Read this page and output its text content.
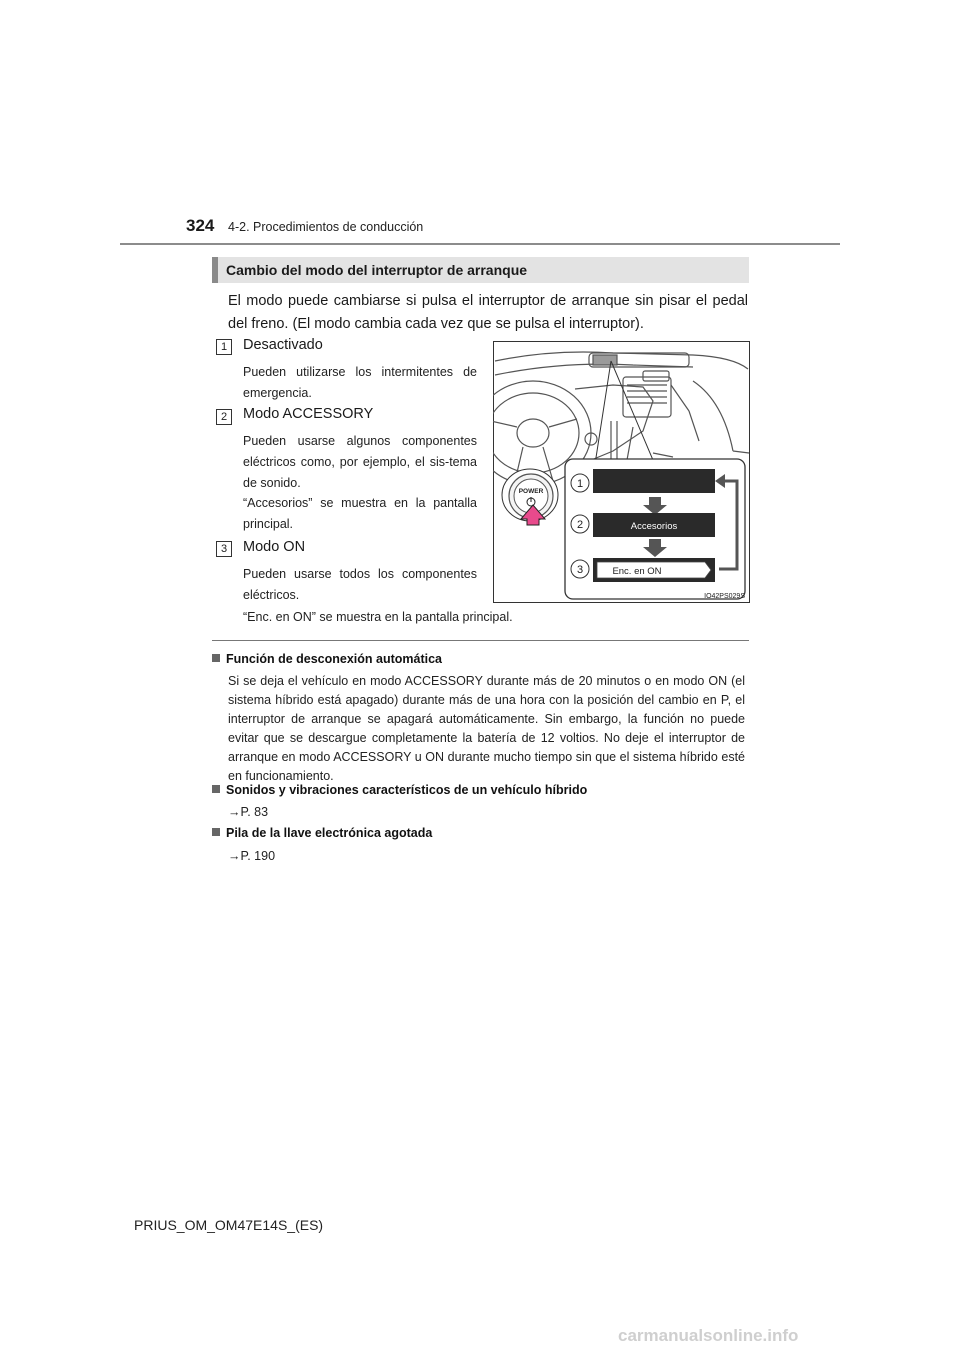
324 4-2. Procedimientos de conducción
Cambio del modo del interruptor de arranque
El modo puede cambiarse si pulsa el interruptor de arranque sin pisar el pedal del freno. (El modo cambia cada vez que se pulsa el interruptor).
1	Desactivado
Pueden utilizarse los intermitentes de emergencia.
2	Modo ACCESSORY
Pueden usarse algunos componentes eléctricos como, por ejemplo, el sis-tema de sonido.
“Accesorios” se muestra en la pantalla principal.
3	Modo ON
Pueden usarse todos los componentes eléctricos.
“Enc. en ON” se muestra en la pantalla principal.
POWER
1
2	Accesorios
3	Enc. en ON
IO42PS029S
Función de desconexión automática
Si se deja el vehículo en modo ACCESSORY durante más de 20 minutos o en modo ON (el sistema híbrido está apagado) durante más de una hora con la posición del cambio en P, el interruptor de arranque se apagará automáticamente. Sin embargo, la función no puede evitar que se descargue completamente la batería de 12 voltios. No deje el interruptor de arranque en modo ACCESSORY u ON durante mucho tiempo sin que el sistema híbrido esté en funcionamiento.
Sonidos y vibraciones característicos de un vehículo híbrido
→P. 83
Pila de la llave electrónica agotada
→P. 190
PRIUS_OM_OM47E14S_(ES)
carmanualsonline.info
